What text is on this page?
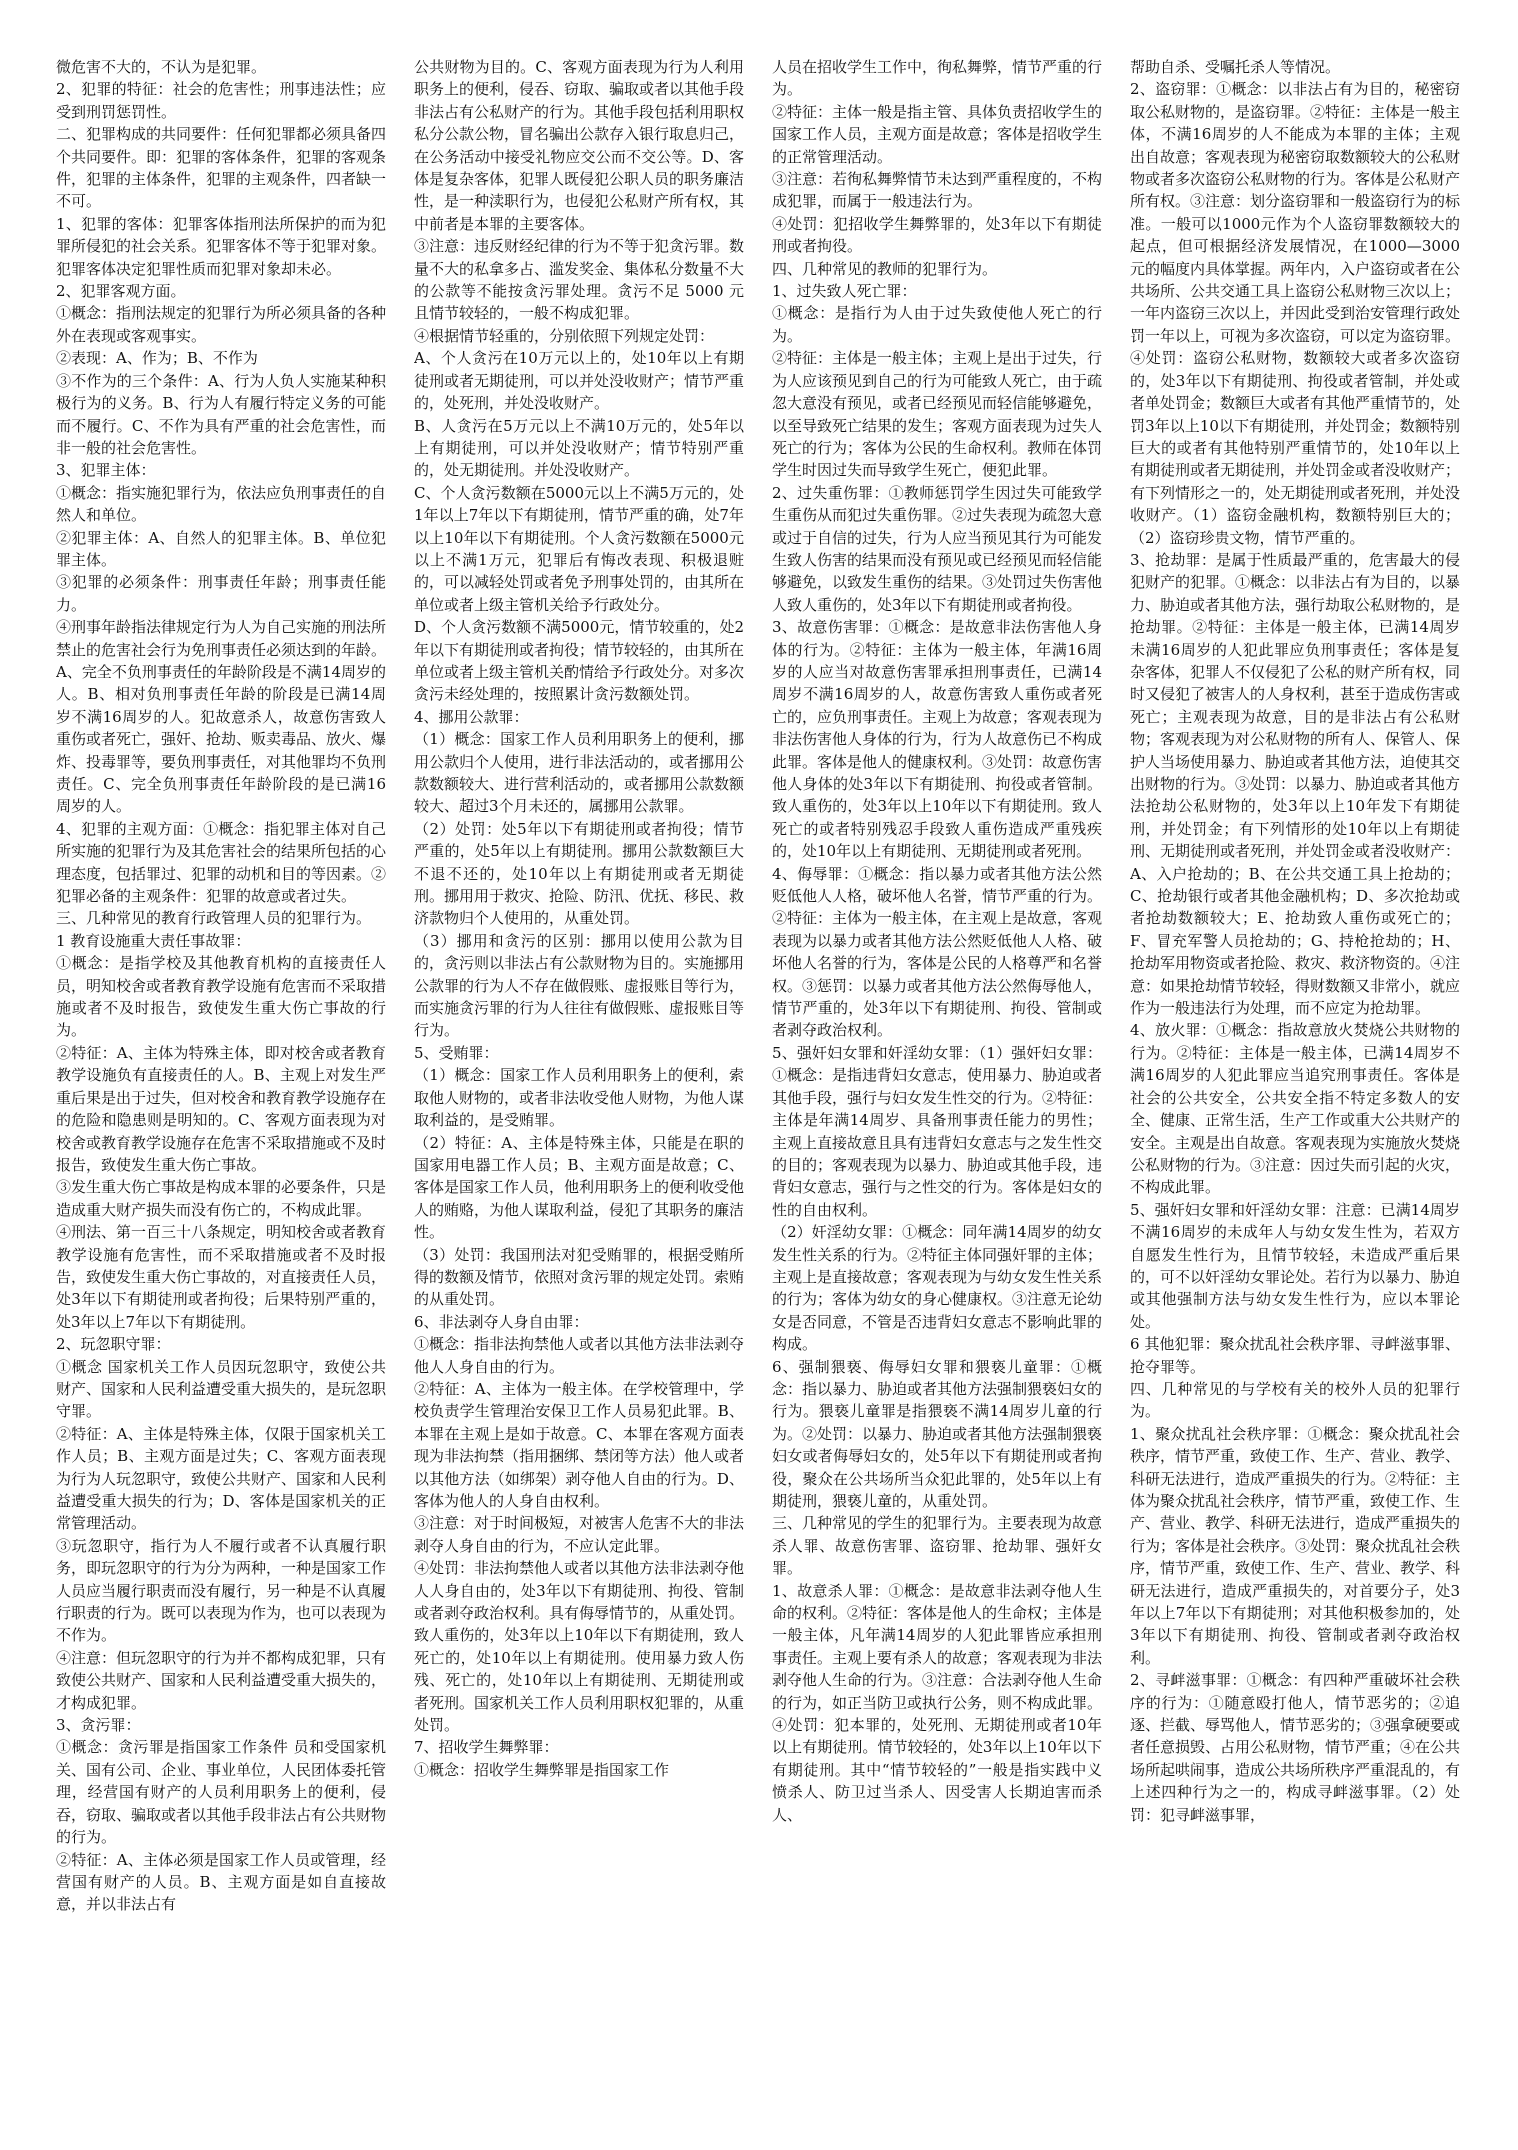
微危害不大的，不认为是犯罪。

2、犯罪的特征：社会的危害性；刑事违法性；应受到刑罚惩罚性。

二、犯罪构成的共同要件：任何犯罪都必须具备四个共同要件。即：犯罪的客体条件，犯罪的客观条件，犯罪的主体条件，犯罪的主观条件，四者缺一不可。

1、犯罪的客体：犯罪客体指刑法所保护的而为犯罪所侵犯的社会关系。犯罪客体不等于犯罪对象。犯罪客体决定犯罪性质而犯罪对象却未必。

2、犯罪客观方面。

①概念：指刑法规定的犯罪行为所必须具备的各种外在表现或客观事实。

②表现：A、作为；B、不作为

③不作为的三个条件：A、行为人负人实施某种积极行为的义务。B、行为人有履行特定义务的可能而不履行。C、不作为具有严重的社会危害性，而非一般的社会危害性。

3、犯罪主体：

①概念：指实施犯罪行为，依法应负刑事责任的自然人和单位。

②犯罪主体：A、自然人的犯罪主体。B、单位犯罪主体。

③犯罪的必须条件：刑事责任年龄；刑事责任能力。

④刑事年龄指法律规定行为人为自己实施的刑法所禁止的危害社会行为免刑事责任必须达到的年龄。A、完全不负刑事责任的年龄阶段是不满14周岁的人。B、相对负刑事责任年龄的阶段是已满14周岁不满16周岁的人。犯故意杀人，故意伤害致人重伤或者死亡，强奸、抢劫、贩卖毒品、放火、爆炸、投毒罪等，要负刑事责任，对其他罪均不负刑责任。C、完全负刑事责任年龄阶段的是已满16周岁的人。

4、犯罪的主观方面：①概念：指犯罪主体对自己所实施的犯罪行为及其危害社会的结果所包括的心理态度，包括罪过、犯罪的动机和目的等因素。②犯罪必备的主观条件：犯罪的故意或者过失。

三、几种常见的教育行政管理人员的犯罪行为。

1 教育设施重大责任事故罪：

①概念：是指学校及其他教育机构的直接责任人员，明知校舍或者教育教学设施有危害而不采取措施或者不及时报告，致使发生重大伤亡事故的行为。

②特征：A、主体为特殊主体，即对校舍或者教育教学设施负有直接责任的人。B、主观上对发生严重后果是出于过失，但对校舍和教育教学设施存在的危险和隐患则是明知的。C、客观方面表现为对校舍或教育教学设施存在危害不采取措施或不及时报告，致使发生重大伤亡事故。

③发生重大伤亡事故是构成本罪的必要条件，只是造成重大财产损失而没有伤亡的，不构成此罪。

④刑法、第一百三十八条规定，明知校舍或者教育教学设施有危害性，而不采取措施或者不及时报告，致使发生重大伤亡事故的，对直接责任人员，处3年以下有期徒刑或者拘役；后果特别严重的，处3年以上7年以下有期徒刑。

2、玩忽职守罪：

①概念 国家机关工作人员因玩忽职守，致使公共财产、国家和人民利益遭受重大损失的，是玩忽职守罪。

②特征：A、主体是特殊主体，仅限于国家机关工作人员；B、主观方面是过失；C、客观方面表现为行为人玩忽职守，致使公共财产、国家和人民利益遭受重大损失的行为；D、客体是国家机关的正常管理活动。

③玩忽职守，指行为人不履行或者不认真履行职务，即玩忽职守的行为分为两种，一种是国家工作人员应当履行职责而没有履行，另一种是不认真履行职责的行为。既可以表现为作为，也可以表现为不作为。

④注意：但玩忽职守的行为并不都构成犯罪，只有致使公共财产、国家和人民利益遭受重大损失的，才构成犯罪。

3、贪污罪：

①概念：贪污罪是指国家工作条件 员和受国家机关、国有公司、企业、事业单位，人民团体委托管理，经营国有财产的人员利用职务上的便利，侵吞，窃取、骗取或者以其他手段非法占有公共财物的行为。

②特征：A、主体必须是国家工作人员或管理，经营国有财产的人员。B、主观方面是如自直接故意，并以非法占有

公共财物为目的。C、客观方面表现为行为人利用职务上的便利，侵吞、窃取、骗取或者以其他手段非法占有公私财产的行为。其他手段包括利用职权私分公款公物，冒名骗出公款存入银行取息归己，在公务活动中接受礼物应交公而不交公等。D、客体是复杂客体，犯罪人既侵犯公职人员的职务廉洁性，是一种渎职行为，也侵犯公私财产所有权，其中前者是本罪的主要客体。

③注意：违反财经纪律的行为不等于犯贪污罪。数量不大的私拿多占、滥发奖金、集体私分数量不大的公款等不能按贪污罪处理。贪污不足 5000 元且情节较轻的，一般不构成犯罪。

④根据情节轻重的，分别依照下列规定处罚：

A、个人贪污在10万元以上的，处10年以上有期徒刑或者无期徒刑，可以并处没收财产；情节严重的，处死刑，并处没收财产。

B、人贪污在5万元以上不满10万元的，处5年以上有期徒刑，可以并处没收财产；情节特别严重的，处无期徒刑。并处没收财产。

C、个人贪污数额在5000元以上不满5万元的，处1年以上7年以下有期徒刑，情节严重的确，处7年以上10年以下有期徒刑。个人贪污数额在5000元以上不满1万元，犯罪后有悔改表现、积极退赃的，可以减轻处罚或者免予刑事处罚的，由其所在单位或者上级主管机关给予行政处分。

D、个人贪污数额不满5000元，情节较重的，处2年以下有期徒刑或者拘役；情节较轻的，由其所在单位或者上级主管机关酌情给予行政处分。对多次贪污未经处理的，按照累计贪污数额处罚。

4、挪用公款罪：

（1）概念：国家工作人员利用职务上的便利，挪用公款归个人使用，进行非法活动的，或者挪用公款数额较大、进行营利活动的，或者挪用公款数额较大、超过3个月未还的，属挪用公款罪。

（2）处罚：处5年以下有期徒刑或者拘役；情节严重的，处5年以上有期徒刑。挪用公款数额巨大不退不还的，处10年以上有期徒刑或者无期徒刑。挪用用于救灾、抢险、防汛、优抚、移民、救济款物归个人使用的，从重处罚。

（3）挪用和贪污的区别：挪用以使用公款为目的，贪污则以非法占有公款财物为目的。实施挪用公款罪的行为人不存在做假账、虚报账目等行为，而实施贪污罪的行为人往往有做假账、虚报账目等行为。

5、受贿罪：

（1）概念：国家工作人员利用职务上的便利，索取他人财物的，或者非法收受他人财物，为他人谋取利益的，是受贿罪。

（2）特征：A、主体是特殊主体，只能是在职的国家用电器工作人员；B、主观方面是故意；C、客体是国家工作人员，他利用职务上的便利收受他人的贿赂，为他人谋取利益，侵犯了其职务的廉洁性。

（3）处罚：我国刑法对犯受贿罪的，根据受贿所得的数额及情节，依照对贪污罪的规定处罚。索贿的从重处罚。

6、非法剥夺人身自由罪：

①概念：指非法拘禁他人或者以其他方法非法剥夺他人人身自由的行为。

②特征：A、主体为一般主体。在学校管理中，学校负责学生管理治安保卫工作人员易犯此罪。B、本罪在主观上是如于故意。C、本罪在客观方面表现为非法拘禁（指用捆绑、禁闭等方法）他人或者以其他方法（如绑架）剥夺他人自由的行为。D、客体为他人的人身自由权利。

③注意：对于时间极短，对被害人危害不大的非法剥夺人身自由的行为，不应认定此罪。

④处罚：非法拘禁他人或者以其他方法非法剥夺他人人身自由的，处3年以下有期徒刑、拘役、管制或者剥夺政治权利。具有侮辱情节的，从重处罚。致人重伤的，处3年以上10年以下有期徒刑，致人死亡的，处10年以上有期徒刑。使用暴力致人伤残、死亡的，处10年以上有期徒刑、无期徒刑或者死刑。国家机关工作人员利用职权犯罪的，从重处罚。

7、招收学生舞弊罪：

①概念：招收学生舞弊罪是指国家工作

人员在招收学生工作中，徇私舞弊，情节严重的行为。

②特征：主体一般是指主管、具体负责招收学生的国家工作人员，主观方面是故意；客体是招收学生的正常管理活动。

③注意：若徇私舞弊情节未达到严重程度的，不构成犯罪，而属于一般违法行为。

④处罚：犯招收学生舞弊罪的，处3年以下有期徒刑或者拘役。

四、几种常见的教师的犯罪行为。

1、过失致人死亡罪：

①概念：是指行为人由于过失致使他人死亡的行为。

②特征：主体是一般主体；主观上是出于过失，行为人应该预见到自己的行为可能致人死亡，由于疏忽大意没有预见，或者已经预见而轻信能够避免，以至导致死亡结果的发生；客观方面表现为过失人死亡的行为；客体为公民的生命权利。教师在体罚学生时因过失而导致学生死亡，便犯此罪。

2、过失重伤罪：①教师惩罚学生因过失可能致学生重伤从而犯过失重伤罪。②过失表现为疏忽大意或过于自信的过失，行为人应当预见其行为可能发生致人伤害的结果而没有预见或已经预见而轻信能够避免，以致发生重伤的结果。③处罚过失伤害他人致人重伤的，处3年以下有期徒刑或者拘役。

3、故意伤害罪：①概念：是故意非法伤害他人身体的行为。②特征：主体为一般主体，年满16周岁的人应当对故意伤害罪承担刑事责任，已满14周岁不满16周岁的人，故意伤害致人重伤或者死亡的，应负刑事责任。主观上为故意；客观表现为非法伤害他人身体的行为，行为人故意伤已不构成此罪。客体是他人的健康权利。③处罚：故意伤害他人身体的处3年以下有期徒刑、拘役或者管制。致人重伤的，处3年以上10年以下有期徒刑。致人死亡的或者特别残忍手段致人重伤造成严重残疾的，处10年以上有期徒刑、无期徒刑或者死刑。

4、侮辱罪：①概念：指以暴力或者其他方法公然贬低他人人格，破坏他人名誉，情节严重的行为。②特征：主体为一般主体，在主观上是故意，客观表现为以暴力或者其他方法公然贬低他人人格、破坏他人名誉的行为，客体是公民的人格尊严和名誉权。③惩罚：以暴力或者其他方法公然侮辱他人，情节严重的，处3年以下有期徒刑、拘役、管制或者剥夺政治权利。

5、强奸妇女罪和奸淫幼女罪：（1）强奸妇女罪：①概念：是指违背妇女意志，使用暴力、胁迫或者其他手段，强行与妇女发生性交的行为。②特征：主体是年满14周岁、具备刑事责任能力的男性；主观上直接故意且具有违背妇女意志与之发生性交的目的；客观表现为以暴力、胁迫或其他手段，违背妇女意志，强行与之性交的行为。客体是妇女的性的自由权利。

（2）奸淫幼女罪：①概念：同年满14周岁的幼女发生性关系的行为。②特征主体同强奸罪的主体；主观上是直接故意；客观表现为与幼女发生性关系的行为；客体为幼女的身心健康权。③注意无论幼女是否同意，不管是否违背妇女意志不影响此罪的构成。

6、强制猥亵、侮辱妇女罪和猥亵儿童罪：①概念：指以暴力、胁迫或者其他方法强制猥亵妇女的行为。猥亵儿童罪是指猥亵不满14周岁儿童的行为。②处罚：以暴力、胁迫或者其他方法强制猥亵妇女或者侮辱妇女的，处5年以下有期徒刑或者拘役，聚众在公共场所当众犯此罪的，处5年以上有期徒刑，猥亵儿童的，从重处罚。

三、几种常见的学生的犯罪行为。主要表现为故意杀人罪、故意伤害罪、盗窃罪、抢劫罪、强奸女罪。

1、故意杀人罪：①概念：是故意非法剥夺他人生命的权利。②特征：客体是他人的生命权；主体是一般主体，凡年满14周岁的人犯此罪皆应承担刑事责任。主观上要有杀人的故意；客观表现为非法剥夺他人生命的行为。③注意：合法剥夺他人生命的行为，如正当防卫或执行公务，则不构成此罪。④处罚：犯本罪的，处死刑、无期徒刑或者10年以上有期徒刑。情节较轻的，处3年以上10年以下有期徒刑。其中“情节较轻的”一般是指实践中义愤杀人、防卫过当杀人、因受害人长期迫害而杀人、

帮助自杀、受嘱托杀人等情况。

2、盗窃罪：①概念：以非法占有为目的，秘密窃取公私财物的，是盗窃罪。②特征：主体是一般主体，不满16周岁的人不能成为本罪的主体；主观出自故意；客观表现为秘密窃取数额较大的公私财物或者多次盗窃公私财物的行为。客体是公私财产所有权。③注意：划分盗窃罪和一般盗窃行为的标准。一般可以1000元作为个人盗窃罪数额较大的起点，但可根据经济发展情况，在1000—3000元的幅度内具体掌握。两年内，入户盗窃或者在公共场所、公共交通工具上盗窃公私财物三次以上；一年内盗窃三次以上，并因此受到治安管理行政处罚一年以上，可视为多次盗窃，可以定为盗窃罪。④处罚：盗窃公私财物，数额较大或者多次盗窃的，处3年以下有期徒刑、拘役或者管制，并处或者单处罚金；数额巨大或者有其他严重情节的，处罚3年以上10以下有期徒刑，并处罚金；数额特别巨大的或者有其他特别严重情节的，处10年以上有期徒刑或者无期徒刑，并处罚金或者没收财产；有下列情形之一的，处无期徒刑或者死刑，并处没收财产。（1）盗窃金融机构，数额特别巨大的；（2）盗窃珍贵文物，情节严重的。

3、抢劫罪：是属于性质最严重的，危害最大的侵犯财产的犯罪。①概念：以非法占有为目的，以暴力、胁迫或者其他方法，强行劫取公私财物的，是抢劫罪。②特征：主体是一般主体，已满14周岁未满16周岁的人犯此罪应负刑事责任；客体是复杂客体，犯罪人不仅侵犯了公私的财产所有权，同时又侵犯了被害人的人身权利，甚至于造成伤害或死亡；主观表现为故意，目的是非法占有公私财物；客观表现为对公私财物的所有人、保管人、保护人当场使用暴力、胁迫或者其他方法，迫使其交出财物的行为。③处罚：以暴力、胁迫或者其他方法抢劫公私财物的，处3年以上10年发下有期徒刑，并处罚金；有下列情形的处10年以上有期徒刑、无期徒刑或者死刑，并处罚金或者没收财产：A、入户抢劫的；B、在公共交通工具上抢劫的；C、抢劫银行或者其他金融机构；D、多次抢劫或者抢劫数额较大；E、抢劫致人重伤或死亡的；F、冒充军警人员抢劫的；G、持枪抢劫的；H、抢劫军用物资或者抢险、救灾、救济物资的。④注意：如果抢劫情节较轻，得财数额又非常小，就应作为一般违法行为处理，而不应定为抢劫罪。

4、放火罪：①概念：指故意放火焚烧公共财物的行为。②特征：主体是一般主体，已满14周岁不满16周岁的人犯此罪应当追究刑事责任。客体是社会的公共安全，公共安全指不特定多数人的安全、健康、正常生活，生产工作或重大公共财产的安全。主观是出自故意。客观表现为实施放火焚烧公私财物的行为。③注意：因过失而引起的火灾，不构成此罪。

5、强奸妇女罪和奸淫幼女罪：注意：已满14周岁不满16周岁的未成年人与幼女发生性为，若双方自愿发生性行为，且情节较轻，未造成严重后果的，可不以奸淫幼女罪论处。若行为以暴力、胁迫或其他强制方法与幼女发生性行为，应以本罪论处。

6 其他犯罪：聚众扰乱社会秩序罪、寻衅滋事罪、抢夺罪等。

四、几种常见的与学校有关的校外人员的犯罪行为。

1、聚众扰乱社会秩序罪：①概念：聚众扰乱社会秩序，情节严重，致使工作、生产、营业、教学、科研无法进行，造成严重损失的行为。②特征：主体为聚众扰乱社会秩序，情节严重，致使工作、生产、营业、教学、科研无法进行，造成严重损失的行为；客体是社会秩序。③处罚：聚众扰乱社会秩序，情节严重，致使工作、生产、营业、教学、科研无法进行，造成严重损失的，对首要分子，处3年以上7年以下有期徒刑；对其他积极参加的，处3年以下有期徒刑、拘役、管制或者剥夺政治权利。

2、寻衅滋事罪：①概念：有四种严重破坏社会秩序的行为：①随意殴打他人，情节恶劣的；②追逐、拦截、辱骂他人，情节恶劣的；③强拿硬要或者任意损毁、占用公私财物，情节严重；④在公共场所起哄闹事，造成公共场所秩序严重混乱的，有上述四种行为之一的，构成寻衅滋事罪。（2）处罚：犯寻衅滋事罪，
